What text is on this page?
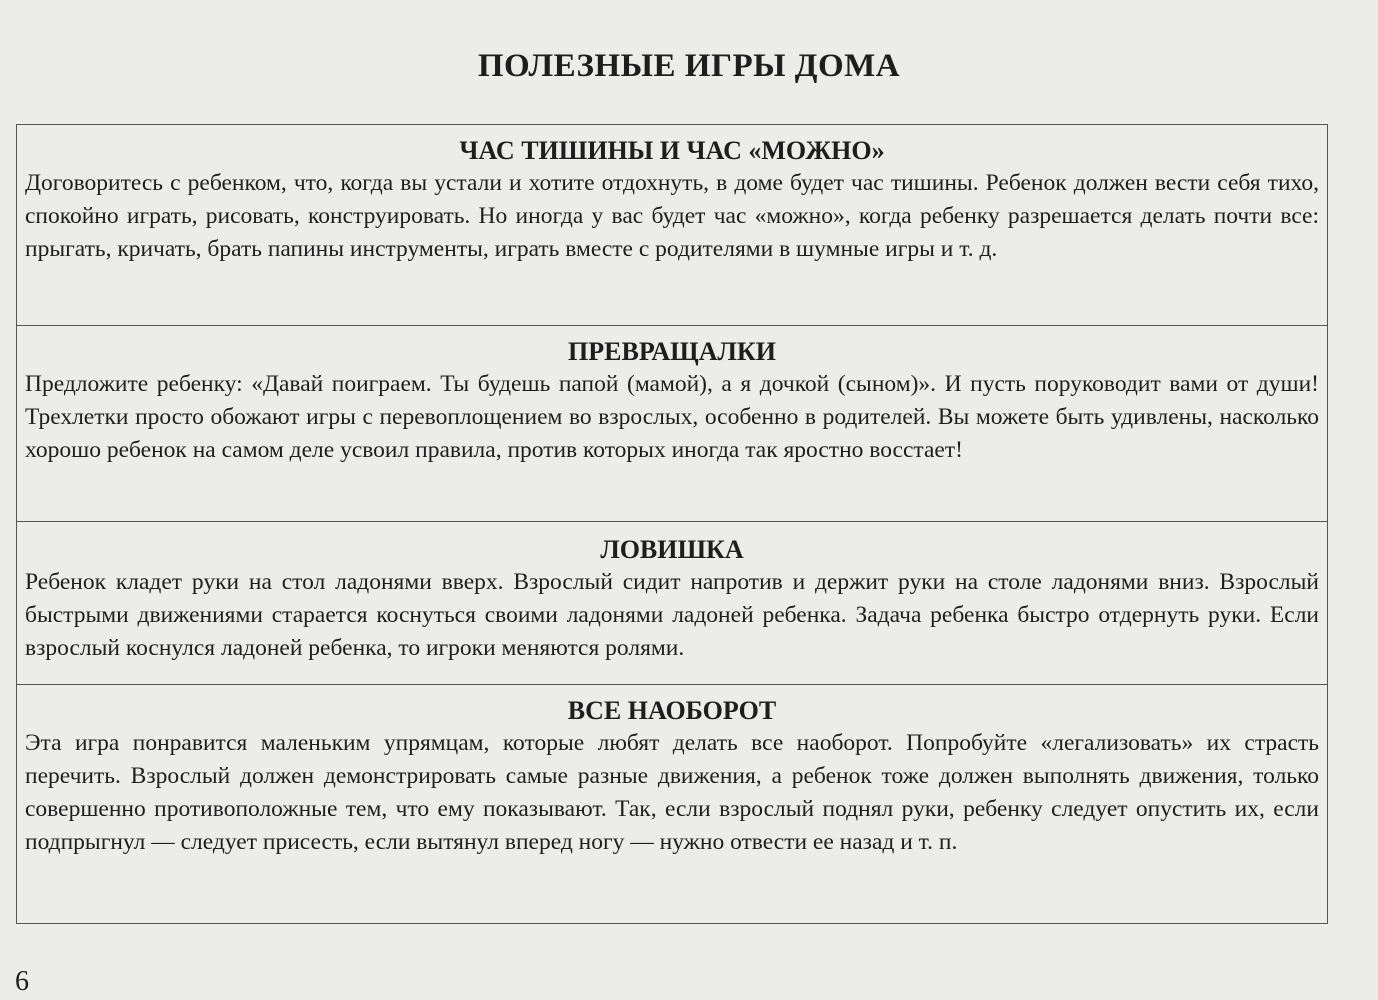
ПОЛЕЗНЫЕ ИГРЫ ДОМА
ЧАС ТИШИНЫ И ЧАС «МОЖНО»

Договоритесь с ребенком, что, когда вы устали и хотите отдохнуть, в доме будет час тишины. Ребенок должен вести себя тихо, спокойно играть, рисовать, конструировать. Но иногда у вас будет час «можно», когда ребенку разрешается делать почти все: прыгать, кричать, брать папины инструменты, играть вместе с родителями в шумные игры и т. д.

ПРЕВРАЩАЛКИ

Предложите ребенку: «Давай поиграем. Ты будешь папой (мамой), а я дочкой (сыном)». И пусть поруководит вами от души! Трехлетки просто обожают игры с перевоплощением во взрослых, особенно в родителей. Вы можете быть удивлены, насколько хорошо ребенок на самом деле усвоил правила, против которых иногда так яростно восстает!

ЛОВИШКА

Ребенок кладет руки на стол ладонями вверх. Взрослый сидит напротив и держит руки на столе ладонями вниз. Взрослый быстрыми движениями старается коснуться своими ладонями ладоней ребенка. Задача ребенка быстро отдернуть руки. Если взрослый коснулся ладоней ребенка, то игроки меняются ролями.

ВСЕ НАОБОРОТ

Эта игра понравится маленьким упрямцам, которые любят делать все наоборот. Попробуйте «легализовать» их страсть перечить. Взрослый должен демонстрировать самые разные движения, а ребенок тоже должен выполнять движения, только совершенно противоположные тем, что ему показывают. Так, если взрослый поднял руки, ребенку следует опустить их, если подпрыгнул — следует присесть, если вытянул вперед ногу — нужно отвести ее назад и т. п.

6
